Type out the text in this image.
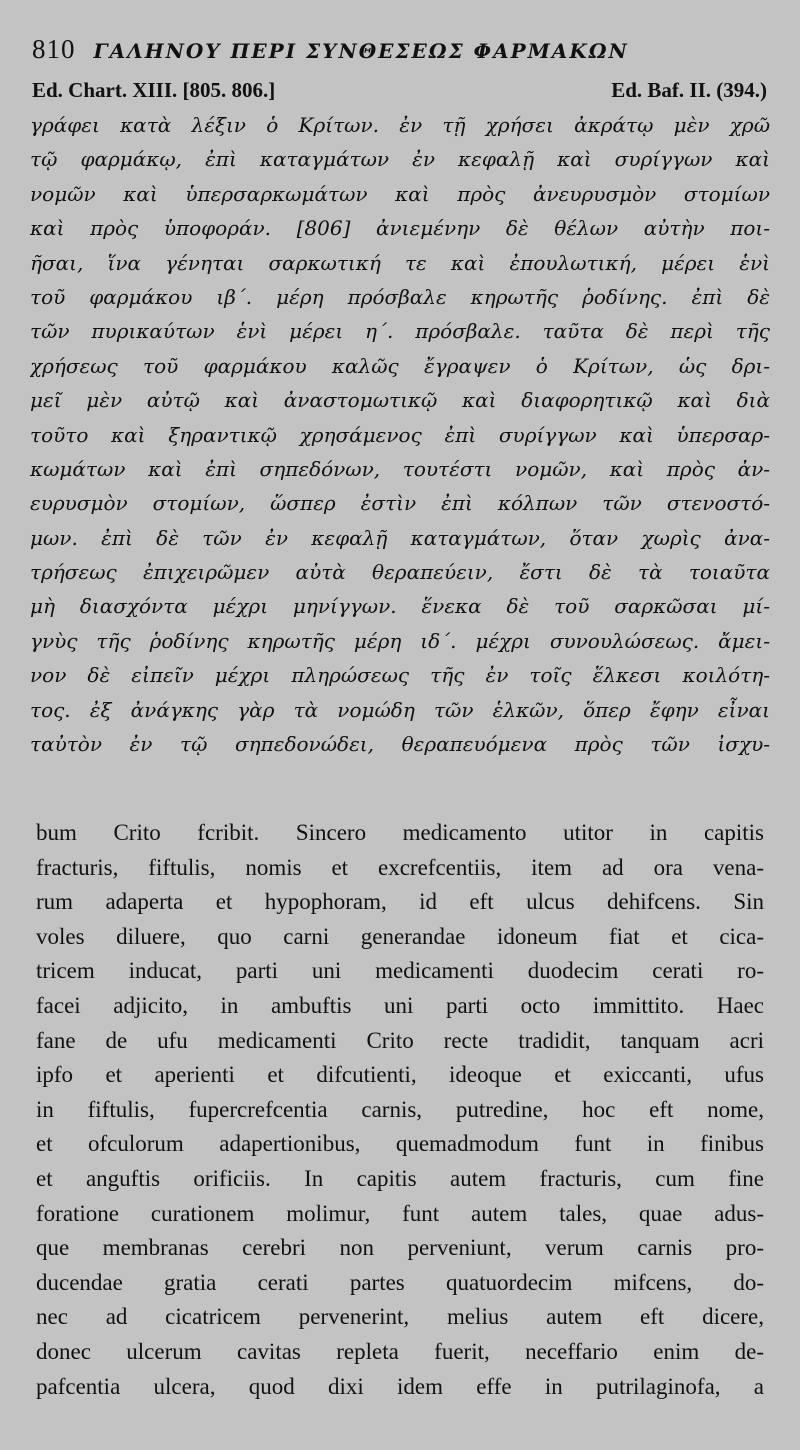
810 ΓΑΛΗΝΟΥ ΠΕΡΙ ΣΥΝΘΕΣΕΩΣ ΦΑΡΜΑΚΩΝ
Ed. Chart. XIII. [805. 806.]	Ed. Baf. II. (394.)
γράφει κατὰ λέξιν ὁ Κρίτων. ἐν τῇ χρήσει ἀκράτῳ μὲν χρῶ
τῷ φαρμάκῳ, ἐπὶ καταγμάτων ἐν κεφαλῇ καὶ συρίγγων καὶ
νομῶν καὶ ὑπερσαρκωμάτων καὶ πρὸς ἀνευρυσμὸν στομίων
καὶ πρὸς ὑποφοράν. [806] ἀνιεμένην δὲ θέλων αὐτὴν ποι-
ῆσαι, ἵνα γένηται σαρκωτική τε καὶ ἐπουλωτική, μέρει ἑνὶ
τοῦ φαρμάκου ιβ΄. μέρη πρόσβαλε κηρωτῆς ῥοδίνης. ἐπὶ δὲ
τῶν πυρικαύτων ἑνὶ μέρει η΄. πρόσβαλε. ταῦτα δὲ περὶ τῆς
χρήσεως τοῦ φαρμάκου καλῶς ἔγραψεν ὁ Κρίτων, ὡς δρι-
μεῖ μὲν αὐτῷ καὶ ἀναστομωτικῷ καὶ διαφορητικῷ καὶ διὰ
τοῦτο καὶ ξηραντικῷ χρησάμενος ἐπὶ συρίγγων καὶ ὑπερσαρ-
κωμάτων καὶ ἐπὶ σηπεδόνων, τουτέστι νομῶν, καὶ πρὸς ἀν-
ευρυσμὸν στομίων, ὥσπερ ἐστὶν ἐπὶ κόλπων τῶν στενοστό-
μων. ἐπὶ δὲ τῶν ἐν κεφαλῇ καταγμάτων, ὅταν χωρὶς ἀνα-
τρήσεως ἐπιχειρῶμεν αὐτὰ θεραπεύειν, ἔστι δὲ τὰ τοιαῦτα
μὴ διασχόντα μέχρι μηνίγγων. ἕνεκα δὲ τοῦ σαρκῶσαι μί-
γνὺς τῆς ῥοδίνης κηρωτῆς μέρη ιδ΄. μέχρι συνουλώσεως. ἄμει-
νον δὲ εἰπεῖν μέχρι πληρώσεως τῆς ἐν τοῖς ἕλκεσι κοιλότη-
τος. ἐξ ἀνάγκης γὰρ τὰ νομώδη τῶν ἑλκῶν, ὅπερ ἔφην εἶναι
ταὐτὸν ἐν τῷ σηπεδονώδει, θεραπευόμενα πρὸς τῶν ἰσχυ-
bum Crito fcribit. Sincero medicamento utitor in capitis
fracturis, fiftulis, nomis et excrefcentiis, item ad ora vena-
rum adaperta et hypophoram, id eft ulcus dehifcens. Sin
voles diluere, quo carni generandae idoneum fiat et cica-
tricem inducat, parti uni medicamenti duodecim cerati ro-
facei adjicito, in ambuftis uni parti octo immittito. Haec
fane de ufu medicamenti Crito recte tradidit, tanquam acri
ipfo et aperienti et difcutienti, ideoque et exiccanti, ufus
in fiftulis, fupercrefcentia carnis, putredine, hoc eft nome,
et ofculorum adapertionibus, quemadmodum funt in finibus
et anguftis orificiis. In capitis autem fracturis, cum fine
foratione curationem molimur, funt autem tales, quae adus-
que membranas cerebri non perveniunt, verum carnis pro-
ducendae gratia cerati partes quatuordecim mifcens, do-
nec ad cicatricem pervenerint, melius autem eft dicere,
donec ulcerum cavitas repleta fuerit, neceffario enim de-
pafcentia ulcera, quod dixi idem effe in putrilaginofa, a
